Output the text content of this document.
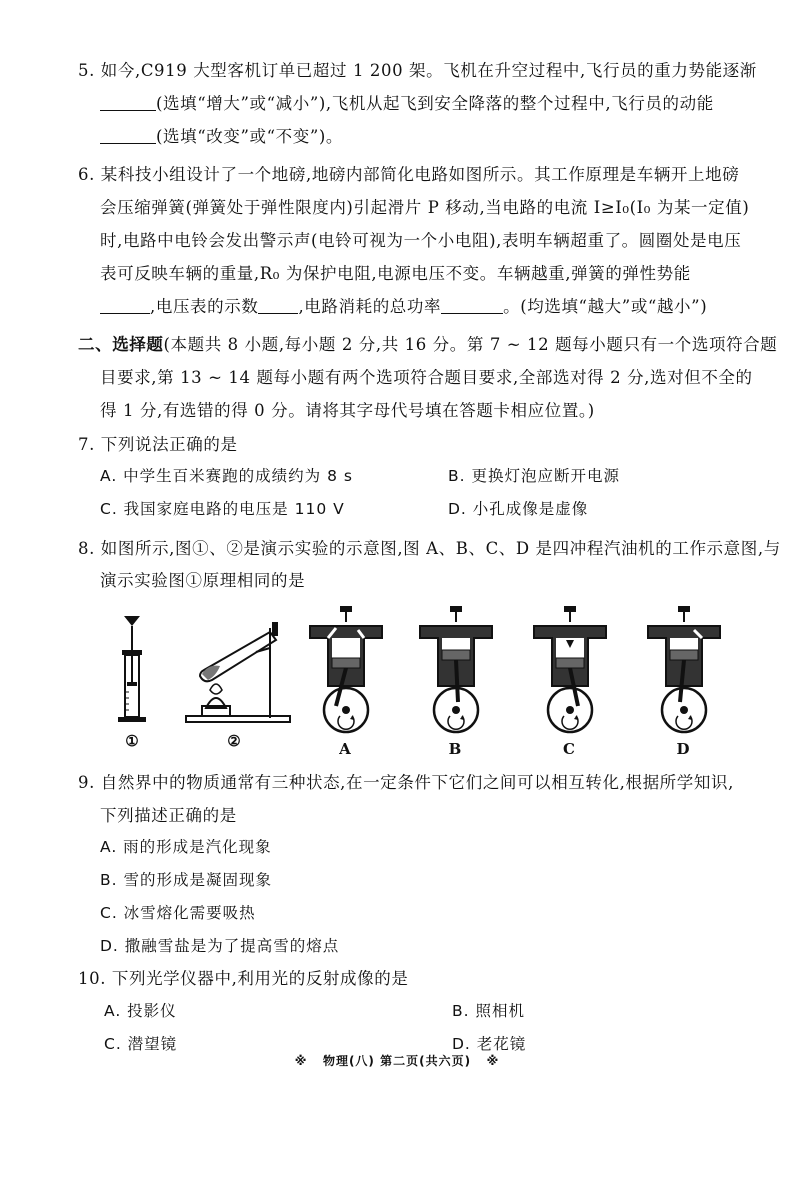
5. 如今,C919 大型客机订单已超过 1 200 架。飞机在升空过程中,飞行员的重力势能逐渐
(选填“增大”或“减小”),飞机从起飞到安全降落的整个过程中,飞行员的动能
(选填“改变”或“不变”)。
6. 某科技小组设计了一个地磅,地磅内部简化电路如图所示。其工作原理是车辆开上地磅
会压缩弹簧(弹簧处于弹性限度内)引起滑片 P 移动,当电路的电流 I≥I₀(I₀ 为某一定值)
时,电路中电铃会发出警示声(电铃可视为一个小电阻),表明车辆超重了。圆圈处是电压
表可反映车辆的重量,R₀ 为保护电阻,电源电压不变。车辆越重,弹簧的弹性势能
,电压表的示数 ,电路消耗的总功率	。(均选填“越大”或“越小”)
二、选择题(本题共 8 小题,每小题 2 分,共 16 分。第 7 ~ 12 题每小题只有一个选项符合题
目要求,第 13 ~ 14 题每小题有两个选项符合题目要求,全部选对得 2 分,选对但不全的
得 1 分,有选错的得 0 分。请将其字母代号填在答题卡相应位置。)
7. 下列说法正确的是
A. 中学生百米赛跑的成绩约为 8 s	B. 更换灯泡应断开电源
C. 我国家庭电路的电压是 110 V	D. 小孔成像是虚像
8. 如图所示,图①、②是演示实验的示意图,图 A、B、C、D 是四冲程汽油机的工作示意图,与
演示实验图①原理相同的是
①	②	A	B	C	D
9. 自然界中的物质通常有三种状态,在一定条件下它们之间可以相互转化,根据所学知识,
下列描述正确的是
A. 雨的形成是汽化现象
B. 雪的形成是凝固现象
C. 冰雪熔化需要吸热
D. 撒融雪盐是为了提高雪的熔点
10. 下列光学仪器中,利用光的反射成像的是
A. 投影仪	B. 照相机
C. 潜望镜	D. 老花镜
※ 物理(八) 第二页(共六页) ※
